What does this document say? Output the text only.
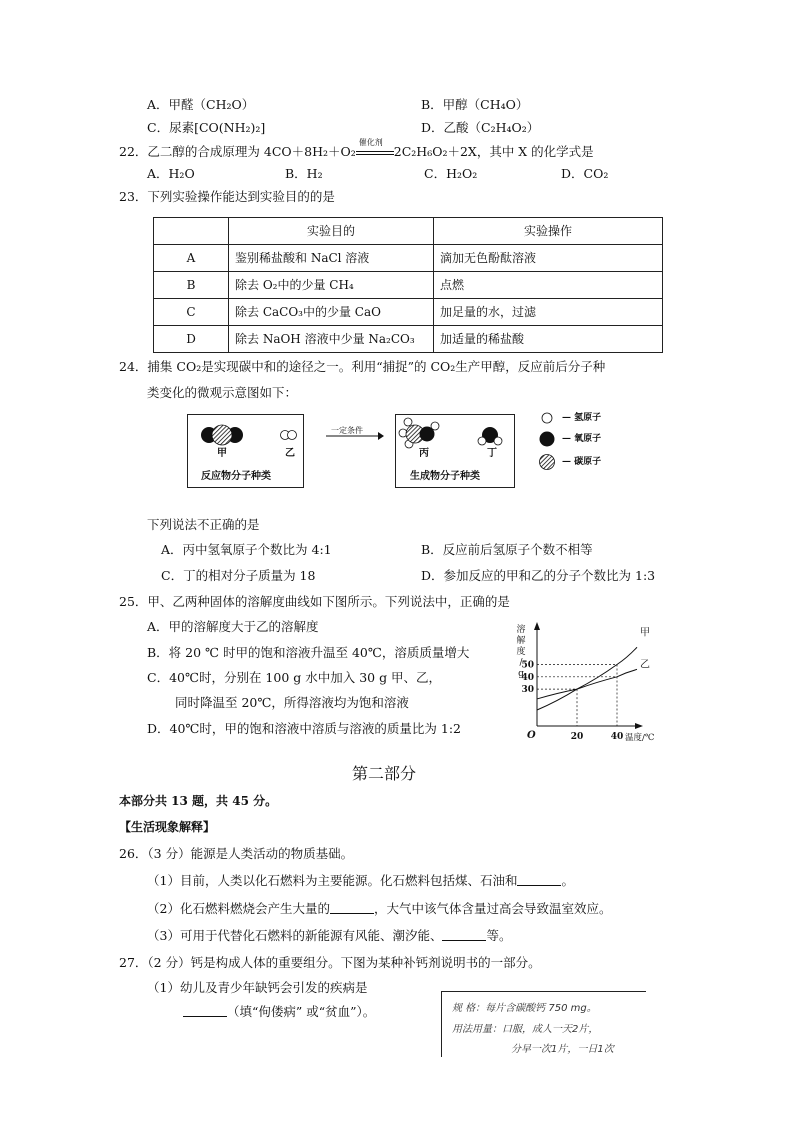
A．甲醛（CH₂O）	B．甲醇（CH₄O）
C．尿素[CO(NH₂)₂]	D．乙酸（C₂H₄O₂）
22．乙二醇的合成原理为 4CO＋8H₂＋O₂
催化剂
2C₂H₆O₂＋2X，其中 X 的化学式是
A．H₂O	B．H₂	C．H₂O₂	D．CO₂
23．下列实验操作能达到实验目的的是
	实验目的	实验操作
A	鉴别稀盐酸和 NaCl 溶液	滴加无色酚酞溶液
B	除去 O₂中的少量 CH₄	点燃
C	除去 CaCO₃中的少量 CaO	加足量的水，过滤
D	除去 NaOH 溶液中少量 Na₂CO₃	加适量的稀盐酸
24．捕集 CO₂是实现碳中和的途径之一。利用“捕捉”的 CO₂生产甲醇，反应前后分子种
类变化的微观示意图如下：
甲	乙
反应物分子种类
一定条件
丙	丁
生成物分子种类
— 氢原子
— 氧原子
— 碳原子
下列说法不正确的是
A．丙中氢氧原子个数比为 4:1	B．反应前后氢原子个数不相等
C．丁的相对分子质量为 18	D．参加反应的甲和乙的分子个数比为 1:3
25．甲、乙两种固体的溶解度曲线如下图所示。下列说法中，正确的是
A．甲的溶解度大于乙的溶解度
B．将 20 ℃ 时甲的饱和溶液升温至 40℃，溶质质量增大
C．40℃时，分别在 100 g 水中加入 30 g 甲、乙，
同时降温至 20℃，所得溶液均为饱和溶液
D．40℃时，甲的饱和溶液中溶质与溶液的质量比为 1:2
溶
解
度
/
g
温度/℃
O	20	40
30
40
50
甲
乙
第二部分
本部分共 13 题，共 45 分。
【生活现象解释】
26．（3 分）能源是人类活动的物质基础。
（1）目前，人类以化石燃料为主要能源。化石燃料包括煤、石油和	。
（2）化石燃料燃烧会产生大量的	，大气中该气体含量过高会导致温室效应。
（3）可用于代替化石燃料的新能源有风能、潮汐能、	等。
27．（2 分）钙是构成人体的重要组分。下图为某种补钙剂说明书的一部分。
（1）幼儿及青少年缺钙会引发的疾病是
（填“佝偻病” 或“贫血”）。	规 格：每片含碳酸钙 750 mg。
用法用量：口服，成人一天2片，
分早一次1片，一日1次
